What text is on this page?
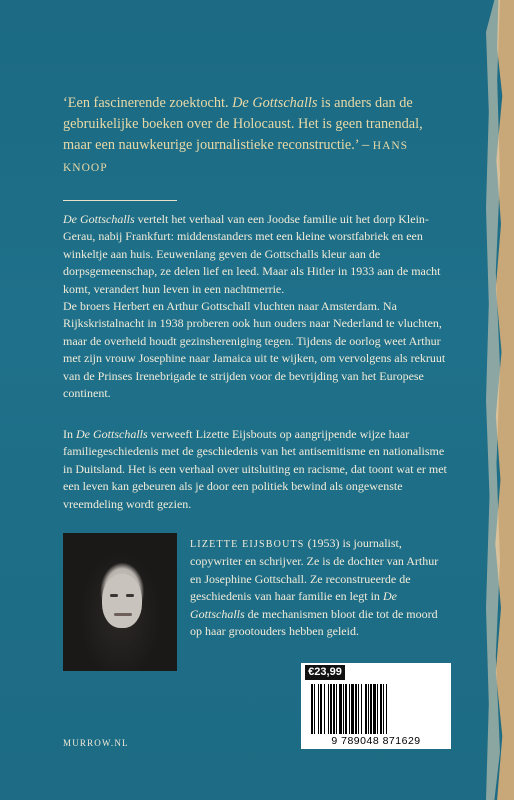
‘Een fascinerende zoektocht. De Gottschalls is anders dan de gebruikelijke boeken over de Holocaust. Het is geen tranendal, maar een nauwkeurige journalistieke reconstructie.’ – HANS KNOOP
De Gottschalls vertelt het verhaal van een Joodse familie uit het dorp Klein-Gerau, nabij Frankfurt: middenstanders met een kleine worstfabriek en een winkeltje aan huis. Eeuwenlang geven de Gottschalls kleur aan de dorpsgemeenschap, ze delen lief en leed. Maar als Hitler in 1933 aan de macht komt, verandert hun leven in een nachtmerrie.
De broers Herbert en Arthur Gottschall vluchten naar Amsterdam. Na Rijkskristalnacht in 1938 proberen ook hun ouders naar Nederland te vluchten, maar de overheid houdt gezinshereniging tegen. Tijdens de oorlog weet Arthur met zijn vrouw Josephine naar Jamaica uit te wijken, om vervolgens als rekruut van de Prinses Irenebrigade te strijden voor de bevrijding van het Europese continent.
In De Gottschalls verweeft Lizette Eijsbouts op aangrijpende wijze haar familiegeschiedenis met de geschiedenis van het antisemitisme en nationalisme in Duitsland. Het is een verhaal over uitsluiting en racisme, dat toont wat er met een leven kan gebeuren als je door een politiek bewind als ongewenste vreemdeling wordt gezien.
LIZETTE EIJSBOUTS (1953) is journalist, copywriter en schrijver. Ze is de dochter van Arthur en Josephine Gottschall. Ze reconstrueerde de geschiedenis van haar familie en legt in De Gottschalls de mechanismen bloot die tot de moord op haar grootouders hebben geleid.
€23,99
9 789048 871629
MURROW.NL
